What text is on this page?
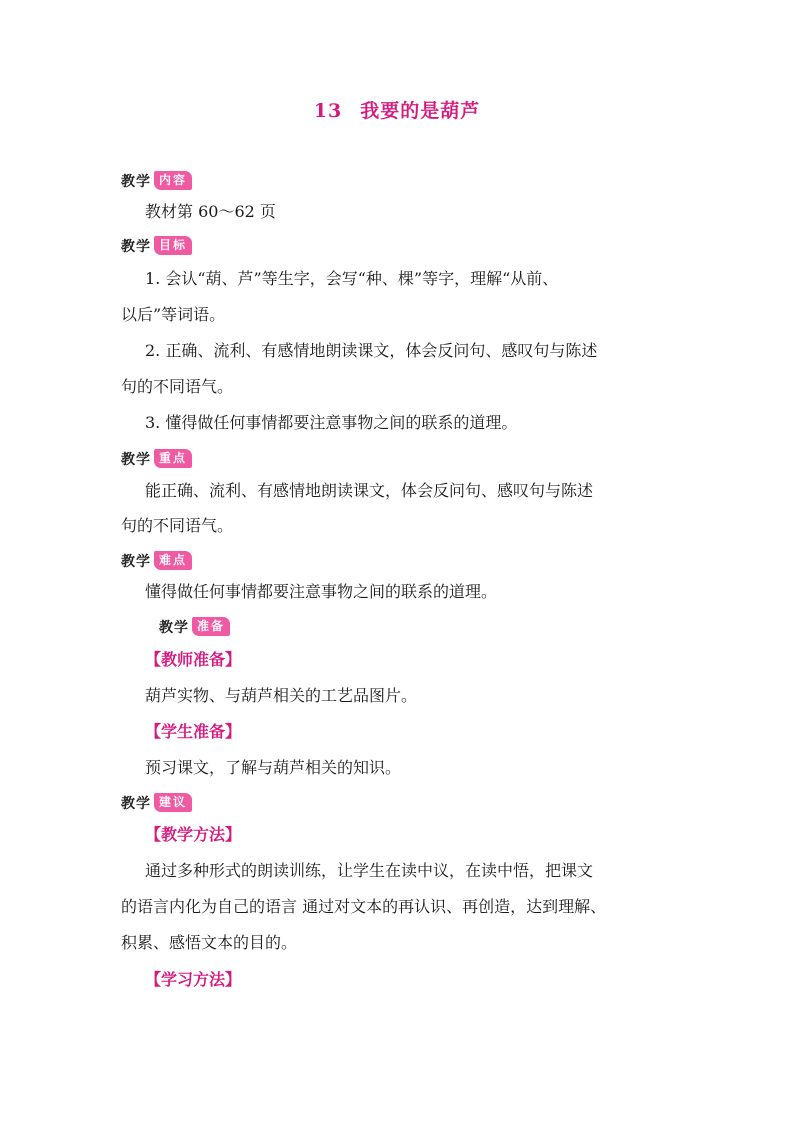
13 我要的是葫芦
教学 内容
教材第 60～62 页
教学 目标
1. 会认“葫、芦”等生字，会写“种、棵”等字，理解“从前、
以后”等词语。
2. 正确、流利、有感情地朗读课文，体会反问句、感叹句与陈述
句的不同语气。
3. 懂得做任何事情都要注意事物之间的联系的道理。
教学 重点
能正确、流利、有感情地朗读课文，体会反问句、感叹句与陈述
句的不同语气。
教学 难点
懂得做任何事情都要注意事物之间的联系的道理。
教学 准备
【教师准备】
葫芦实物、与葫芦相关的工艺品图片。
【学生准备】
预习课文，了解与葫芦相关的知识。
教学 建议
【教学方法】
通过多种形式的朗读训练，让学生在读中议，在读中悟，把课文
的语言内化为自己的语言 通过对文本的再认识、再创造，达到理解、
积累、感悟文本的目的。
【学习方法】
